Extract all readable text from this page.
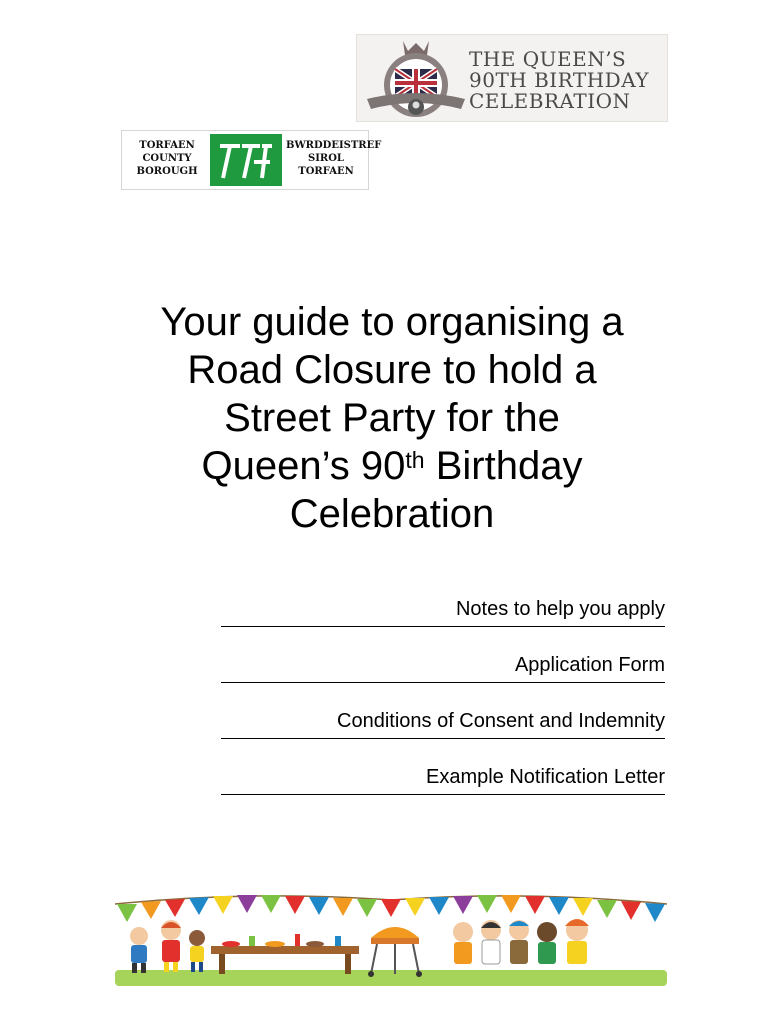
THE QUEEN’S
90TH BIRTHDAY
CELEBRATION
TORFAEN
COUNTY
BOROUGH
BWRDDEISTREF
SIROL
TORFAEN
Your guide to organising a
Road Closure to hold a
Street Party for the
Queen’s 90th Birthday
Celebration
Notes to help you apply
Application Form
Conditions of Consent and Indemnity
Example Notification Letter
